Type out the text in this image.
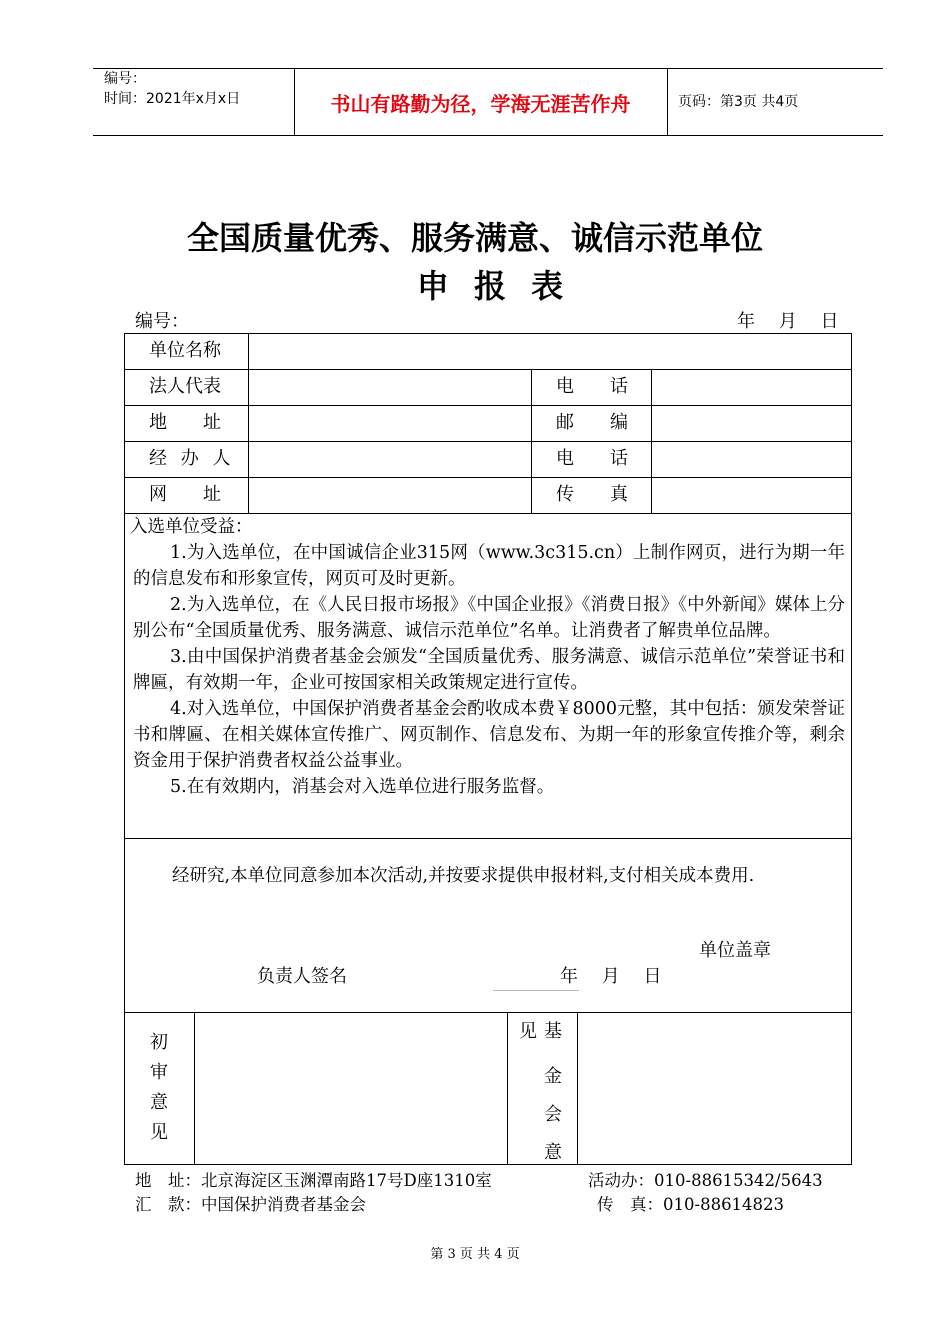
编号：
时间：2021年x月x日	书山有路勤为径，学海无涯苦作舟	页码：第3页 共4页
全国质量优秀、服务满意、诚信示范单位
申 报 表
编号：	年　 月　 日
单位名称
法人代表	电　　话
地　　址	邮　　编
经 办 人	电　　话
网　　址	传　　真

入选单位受益：

1.为入选单位，在中国诚信企业315网（www.3c315.cn）上制作网页，进行为期一年的信息发布和形象宣传，网页可及时更新。

2.为入选单位，在《人民日报市场报》《中国企业报》《消费日报》《中外新闻》媒体上分别公布“全国质量优秀、服务满意、诚信示范单位”名单。让消费者了解贵单位品牌。

3.由中国保护消费者基金会颁发“全国质量优秀、服务满意、诚信示范单位”荣誉证书和牌匾，有效期一年，企业可按国家相关政策规定进行宣传。

4.对入选单位，中国保护消费者基金会酌收成本费￥8000元整，其中包括：颁发荣誉证书和牌匾、在相关媒体宣传推广、网页制作、信息发布、为期一年的形象宣传推介等，剩余资金用于保护消费者权益公益事业。

5.在有效期内，消基会对入选单位进行服务监督。

经研究,本单位同意参加本次活动,并按要求提供申报材料,支付相关成本费用.
单位盖章
负责人签名	年　 月　 日
初
审
意
见
见 基
金
会
意
地　址：北京海淀区玉渊潭南路17号D座1310室	活动办：010-88615342/5643
汇　款：中国保护消费者基金会	传　真：010-88614823
第 3 页 共 4 页
